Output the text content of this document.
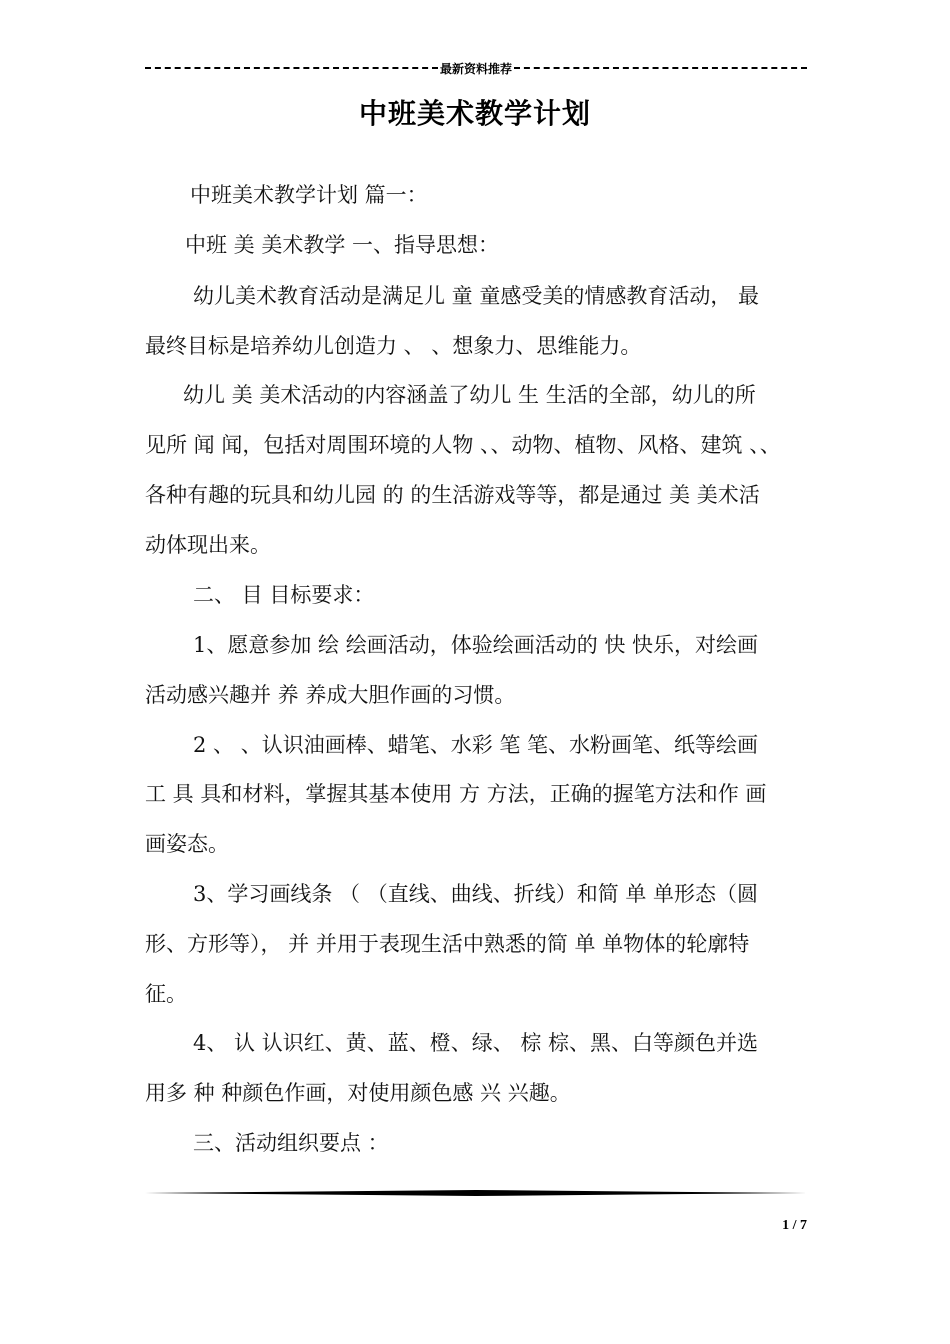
最新资料推荐
中班美术教学计划
中班美术教学计划 篇一：
中班 美 美术教学 一、指导思想：
幼儿美术教育活动是满足儿 童 童感受美的情感教育活动， 最
最终目标是培养幼儿创造力 、 、想象力、思维能力。
幼儿 美 美术活动的内容涵盖了幼儿 生 生活的全部，幼儿的所
见所 闻 闻，包括对周围环境的人物 、、动物、植物、风格、建筑 、、
各种有趣的玩具和幼儿园 的 的生活游戏等等，都是通过 美 美术活
动体现出来。
二、 目 目标要求：
1、愿意参加 绘 绘画活动，体验绘画活动的 快 快乐，对绘画
活动感兴趣并 养 养成大胆作画的习惯。
2 、 、认识油画棒、蜡笔、水彩 笔 笔、水粉画笔、纸等绘画
工 具 具和材料，掌握其基本使用 方 方法，正确的握笔方法和作 画
画姿态。
3、学习画线条 （ （直线、曲线、折线）和简 单 单形态（圆
形、方形等）， 并 并用于表现生活中熟悉的简 单 单物体的轮廓特
征。
4、 认 认识红、黄、蓝、橙、绿、 棕 棕、黑、白等颜色并选
用多 种 种颜色作画，对使用颜色感 兴 兴趣。
三、活动组织要点 ：
1 / 7
